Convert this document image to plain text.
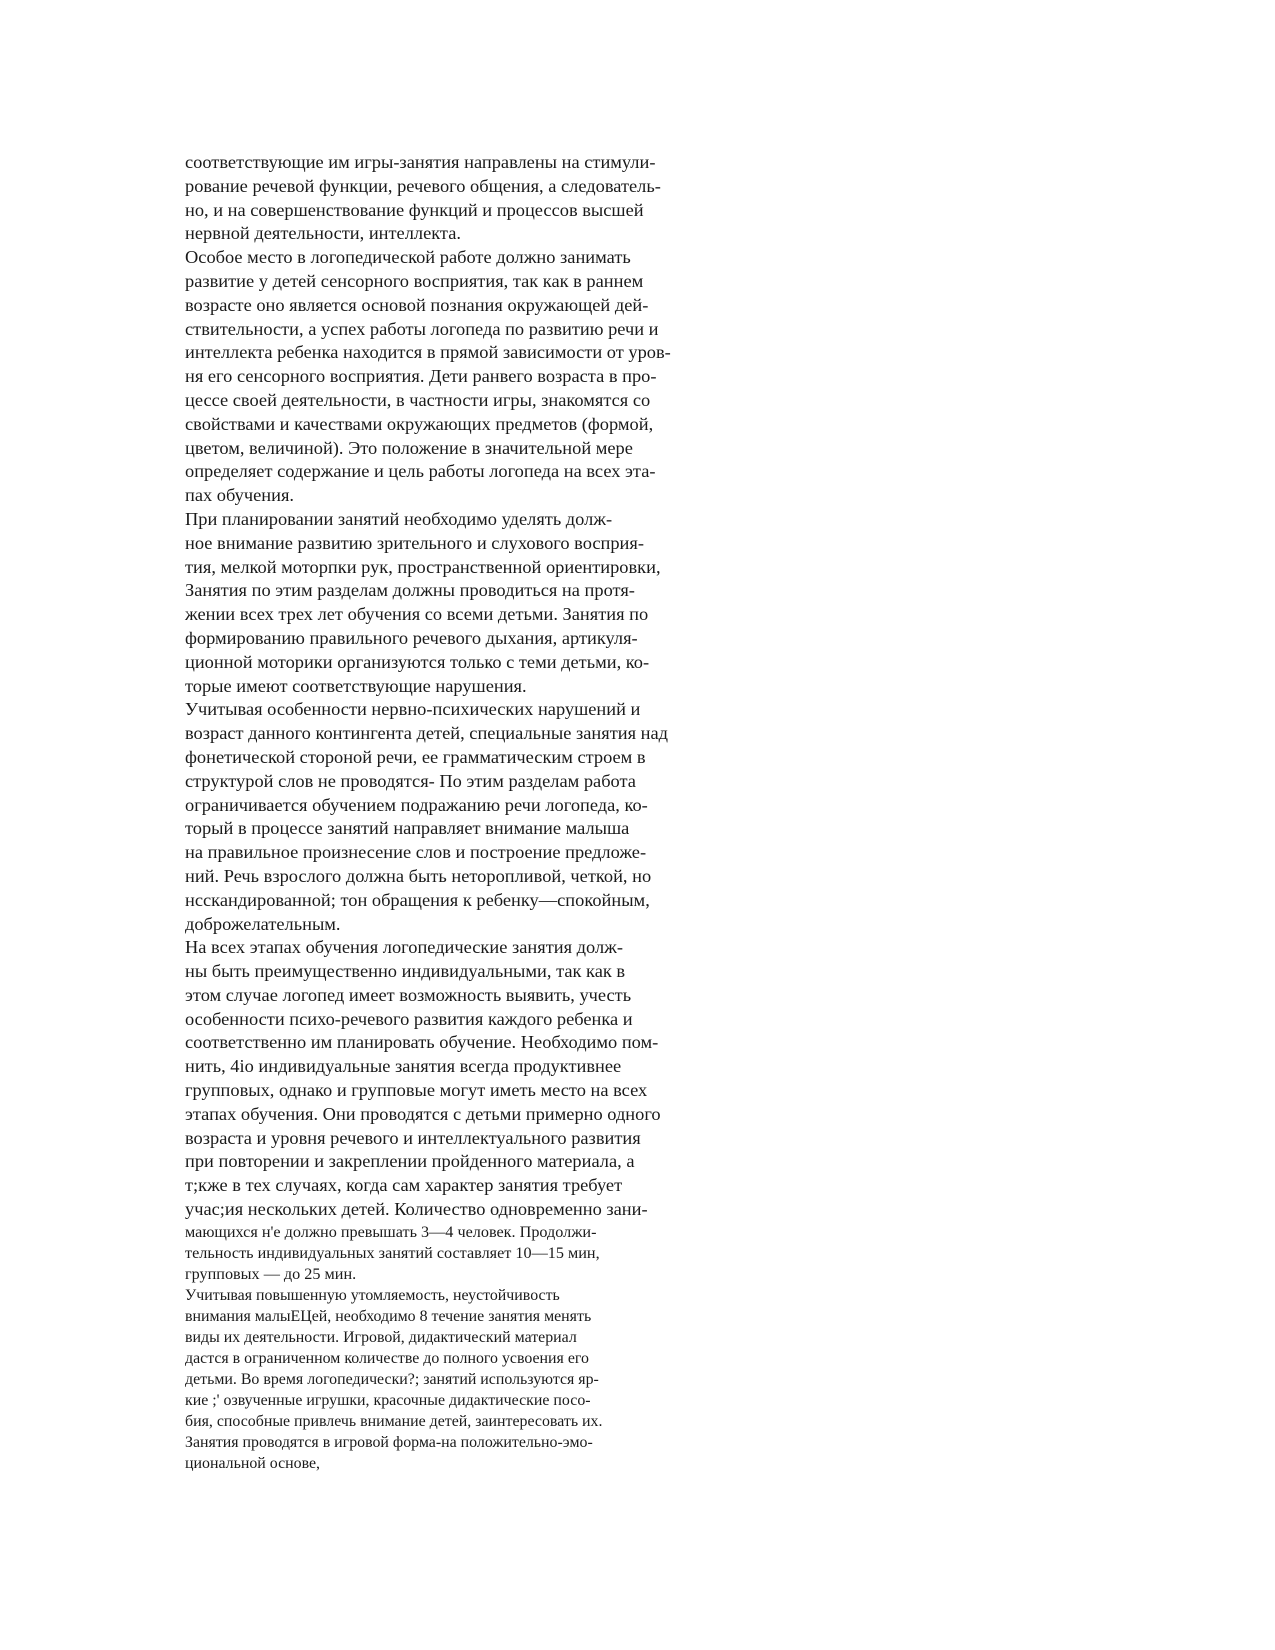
соответствующие им игры-занятия направлены на стимули-
рование речевой функции, речевого общения, а следователь-
но, и на совершенствование функций и процессов высшей
нервной деятельности, интеллекта.
Особое место в логопедической работе должно занимать
развитие у детей сенсорного восприятия, так как в раннем
возрасте оно является основой познания окружающей дей-
ствительности, а успех работы логопеда по развитию речи и
интеллекта ребенка находится в прямой зависимости от уров-
ня его сенсорного восприятия. Дети ранвего возраста в про-
цессе своей деятельности, в частности игры, знакомятся со
свойствами и качествами окружающих предметов (формой,
цветом, величиной). Это положение в значительной мере
определяет содержание и цель работы логопеда на всех эта-
пах обучения.
При планировании занятий необходимо уделять долж-
ное внимание развитию зрительного и слухового восприя-
тия, мелкой моторпки рук, пространственной ориентировки,
Занятия по этим разделам должны проводиться на протя-
жении всех трех лет обучения со всеми детьми. Занятия по
формированию правильного речевого дыхания, артикуля-
ционной моторики организуются только с теми детьми, ко-
торые имеют соответствующие нарушения.
Учитывая особенности нервно-психических нарушений и
возраст данного контингента детей, специальные занятия над
фонетической стороной речи, ее грамматическим строем в
структурой слов не проводятся- По этим разделам работа
ограничивается обучением подражанию речи логопеда, ко-
торый в процессе занятий направляет внимание малыша
на правильное произнесение слов и построение предложе-
ний. Речь взрослого должна быть неторопливой, четкой, но
нсскандированной; тон обращения к ребенку—спокойным,
доброжелательным.
На всех этапах обучения логопедические занятия долж-
ны быть преимущественно индивидуальными, так как в
этом случае логопед имеет возможность выявить, учесть
особенности психо-речевого развития каждого ребенка и
соответственно им планировать обучение. Необходимо пом-
нить, 4io индивидуальные занятия всегда продуктивнее
групповых, однако и групповые могут иметь место на всех
этапах обучения. Они проводятся с детьми примерно одного
возраста и уровня речевого и интеллектуального развития
при повторении и закреплении пройденного материала, а
т;кже в тех случаях, когда сам характер занятия требует
учас;ия нескольких детей. Количество одновременно зани-
мающихся н'е должно превышать 3—4 человек. Продолжи-
тельность индивидуальных занятий составляет 10—15 мин,
групповых — до 25 мин.
Учитывая повышенную утомляемость, неустойчивость
внимания малыЕЦей, необходимо 8 течение занятия менять
виды их деятельности. Игровой, дидактический материал
дастся в ограниченном количестве до полного усвоения его
детьми. Во время логопедически?; занятий используются яр-
кие ;' озвученные игрушки, красочные дидактические посо-
бия, способные привлечь внимание детей, заинтересовать их.
Занятия проводятся в игровой форма-на положительно-эмо-
циональной основе,
